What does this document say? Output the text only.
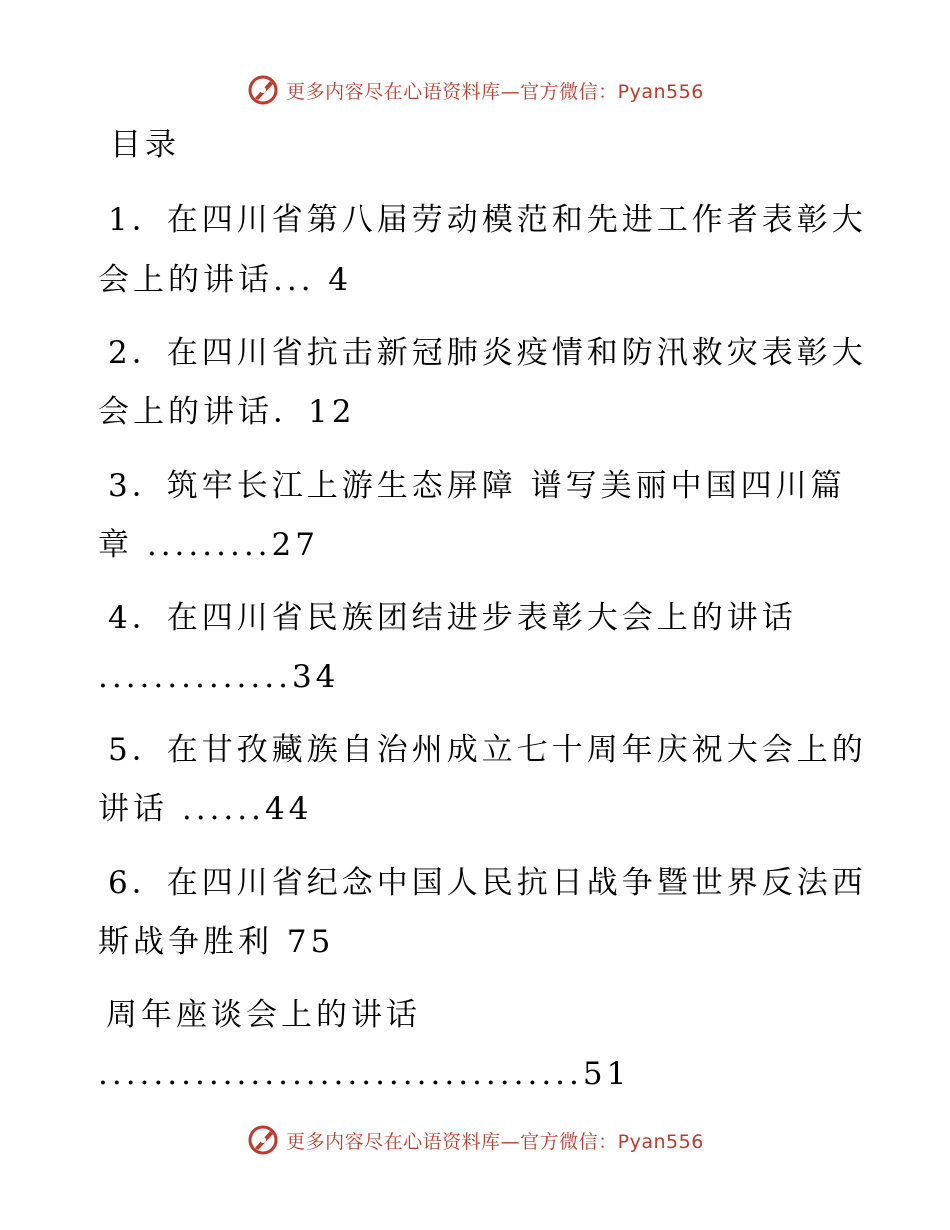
更多内容尽在心语资料库—官方微信：Pyan556
目录
1．在四川省第八届劳动模范和先进工作者表彰大
会上的讲话... 4
2．在四川省抗击新冠肺炎疫情和防汛救灾表彰大
会上的讲话．12
3．筑牢长江上游生态屏障 谱写美丽中国四川篇
章 .........27
4．在四川省民族团结进步表彰大会上的讲话
..............34
5．在甘孜藏族自治州成立七十周年庆祝大会上的
讲话 ......44
6．在四川省纪念中国人民抗日战争暨世界反法西
斯战争胜利 75
周年座谈会上的讲话
...................................51
更多内容尽在心语资料库—官方微信：Pyan556
